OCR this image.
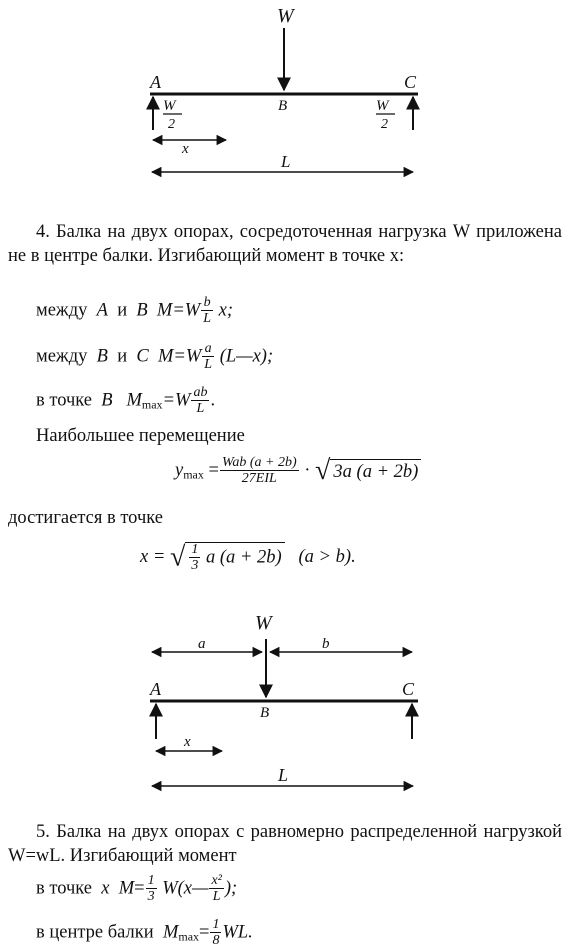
W
A
B
C
W
2
W
2
x
L
4. Балка на двух опорах, сосредоточенная нагрузка W приложена не в центре балки. Изгибающий момент в точке x:
между A и B $M=W \frac{b}{L} x$;
между B и C $M=W \frac{a}{L}$ (L—x);
в точке B $M_{max}=W \frac{ab}{L}$ .
Наибольшее перемещение
$y_{max} = \frac{\text{Wab (a + 2b)}}{\text{27EIL}}$ · √ 3a (a + 2b)
достигается в точке
x = √ $\frac{1}{3}$ a (a + 2b) (a > b).
W
a	b
A
B
C
x
L
5. Балка на двух опорах с равномерно распределенной нагрузкой W=wL. Изгибающий момент
в точке x $M= \frac{1}{3}$ W(x— $\frac{\text{x²}}{L}$ );
в центре балки $M_{max}= \frac{1}{8}$ WL.
